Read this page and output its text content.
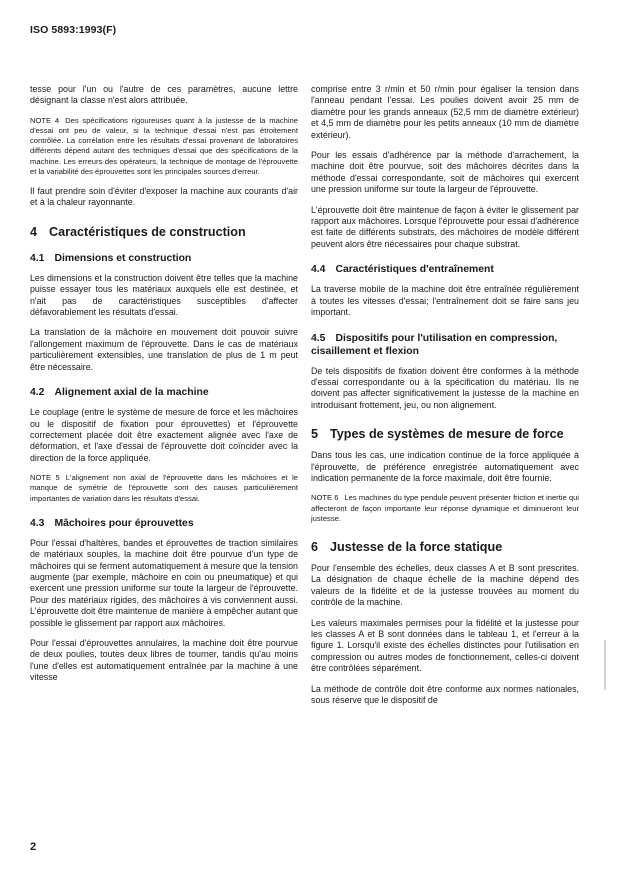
ISO 5893:1993(F)

tesse pour l'un ou l'autre de ces paramètres, aucune lettre désignant la classe n'est alors attribuée.

NOTE 4 Des spécifications rigoureuses quant à la justesse de la machine d'essai ont peu de valeur, si la technique d'essai n'est pas étroitement contrôlée. La corrélation entre les résultats d'essai provenant de laboratoires différents dépend autant des techniques d'essai que des spécifications de la machine. Les erreurs des opérateurs, la technique de montage de l'éprouvette et la variabilité des éprouvettes sont les principales sources d'erreur.

Il faut prendre soin d'éviter d'exposer la machine aux courants d'air et à la chaleur rayonnante.

4 Caractéristiques de construction
4.1 Dimensions et construction

Les dimensions et la construction doivent être telles que la machine puisse essayer tous les matériaux auxquels elle est destinée, et n'ait pas de caractéristiques susceptibles d'affecter défavorablement les résultats d'essai.

La translation de la mâchoire en mouvement doit pouvoir suivre l'allongement maximum de l'éprouvette. Dans le cas de matériaux particulièrement extensibles, une translation de plus de 1 m peut être nécessaire.

4.2 Alignement axial de la machine

Le couplage (entre le système de mesure de force et les mâchoires ou le dispositif de fixation pour éprouvettes) et l'éprouvette correctement placée doit être exactement alignée avec l'axe de déformation, et l'axe d'essai de l'éprouvette doit coïncider avec la direction de la force appliquée.

NOTE 5 L'alignement non axial de l'éprouvette dans les mâchoires et le manque de symétrie de l'éprouvette sont des causes particulièrement importantes de variation dans les résultats d'essai.

4.3 Mâchoires pour éprouvettes

Pour l'essai d'haltères, bandes et éprouvettes de traction similaires de matériaux souples, la machine doit être pourvue d'un type de mâchoires qui se ferment automatiquement à mesure que la tension augmente (par exemple, mâchoire en coin ou pneumatique) et qui exercent une pression uniforme sur toute la largeur de l'éprouvette. Pour des matériaux rigides, des mâchoires à vis conviennent aussi. L'éprouvette doit être maintenue de manière à empêcher autant que possible le glissement par rapport aux mâchoires.

Pour l'essai d'éprouvettes annulaires, la machine doit être pourvue de deux poulies, toutes deux libres de tourner, tandis qu'au moins l'une d'elles est automatiquement entraînée par la machine à une vitesse

comprise entre 3 r/min et 50 r/min pour égaliser la tension dans l'anneau pendant l'essai. Les poulies doivent avoir 25 mm de diamètre pour les grands anneaux (52,5 mm de diamètre extérieur) et 4,5 mm de diamètre pour les petits anneaux (10 mm de diamètre extérieur).

Pour les essais d'adhérence par la méthode d'arrachement, la machine doit être pourvue, soit des mâchoires décrites dans la méthode d'essai correspondante, soit de mâchoires qui exercent une pression uniforme sur toute la largeur de l'éprouvette.

L'éprouvette doit être maintenue de façon à éviter le glissement par rapport aux mâchoires. Lorsque l'éprouvette pour essai d'adhérence est faite de différents substrats, des mâchoires de modèle différent peuvent alors être nécessaires pour chaque substrat.

4.4 Caractéristiques d'entraînement

La traverse mobile de la machine doit être entraînée régulièrement à toutes les vitesses d'essai; l'entraînement doit se faire sans jeu important.

4.5 Dispositifs pour l'utilisation en compression, cisaillement et flexion

De tels dispositifs de fixation doivent être conformes à la méthode d'essai correspondante ou à la spécification du matériau. Ils ne doivent pas affecter significativement la justesse de la machine en introduisant frottement, jeu, ou non alignement.

5 Types de systèmes de mesure de force

Dans tous les cas, une indication continue de la force appliquée à l'éprouvette, de préférence enregistrée automatiquement avec indication permanente de la force maximale, doit être fournie.

NOTE 6 Les machines du type pendule peuvent présenter friction et inertie qui affecteront de façon importante leur réponse dynamique et diminueront leur justesse.

6 Justesse de la force statique

Pour l'ensemble des échelles, deux classes A et B sont prescrites. La désignation de chaque échelle de la machine dépend des valeurs de la fidélité et de la justesse trouvées au moment du contrôle de la machine.

Les valeurs maximales permises pour la fidélité et la justesse pour les classes A et B sont données dans le tableau 1, et l'erreur à la figure 1. Lorsqu'il existe des échelles distinctes pour l'utilisation en compression ou autres modes de fonctionnement, celles-ci doivent être contrôlées séparément.

La méthode de contrôle doit être conforme aux normes nationales, sous réserve que le dispositif de

2
